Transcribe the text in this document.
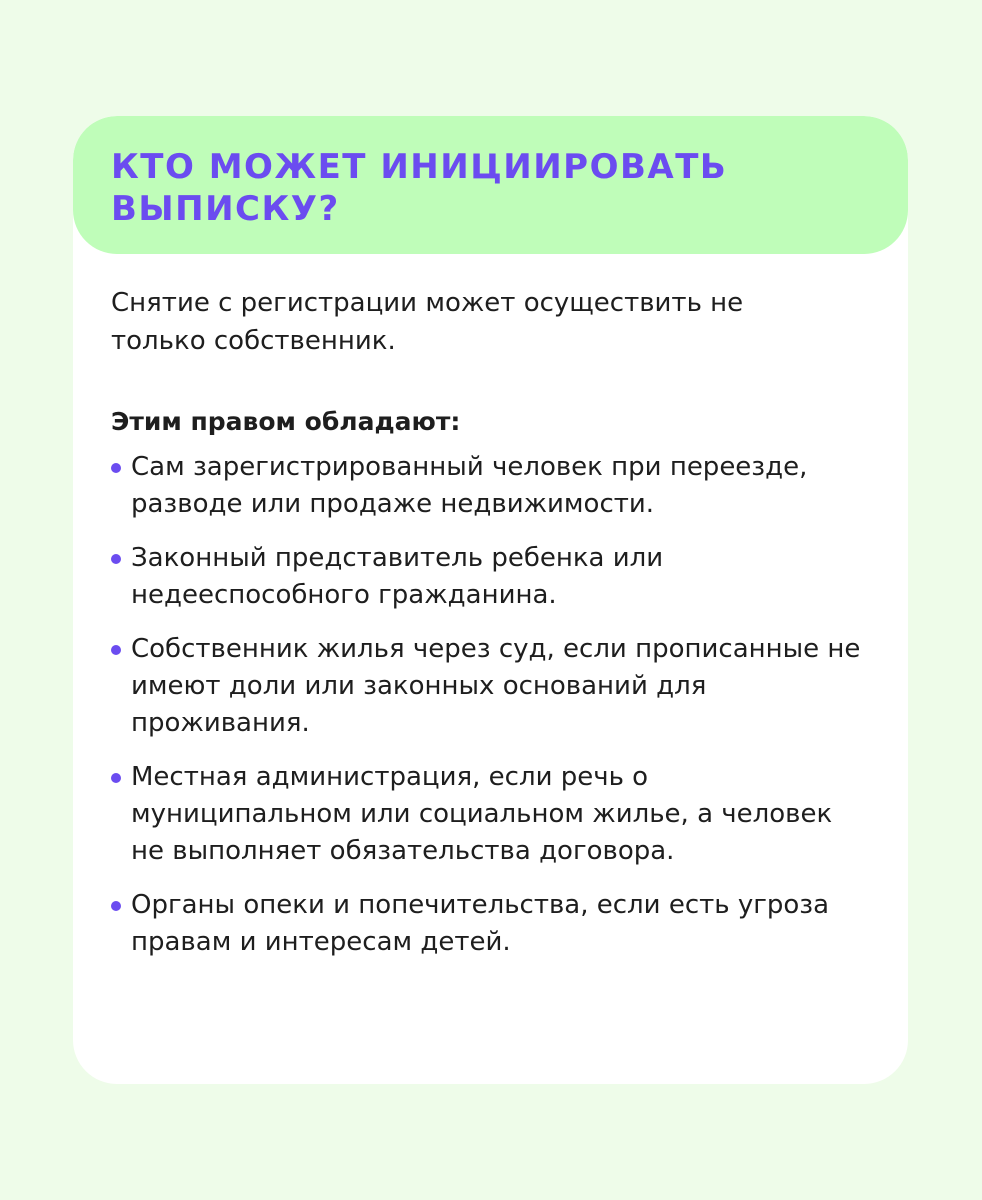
КТО МОЖЕТ ИНИЦИИРОВАТЬ ВЫПИСКУ?

Снятие с регистрации может осуществить не только собственник.

Этим правом обладают:

Сам зарегистрированный человек при переезде, разводе или продаже недвижимости.
Законный представитель ребенка или недееспособного гражданина.
Собственник жилья через суд, если прописанные не имеют доли или законных оснований для проживания.
Местная администрация, если речь о муниципальном или социальном жилье, а человек не выполняет обязательства договора.
Органы опеки и попечительства, если есть угроза правам и интересам детей.
